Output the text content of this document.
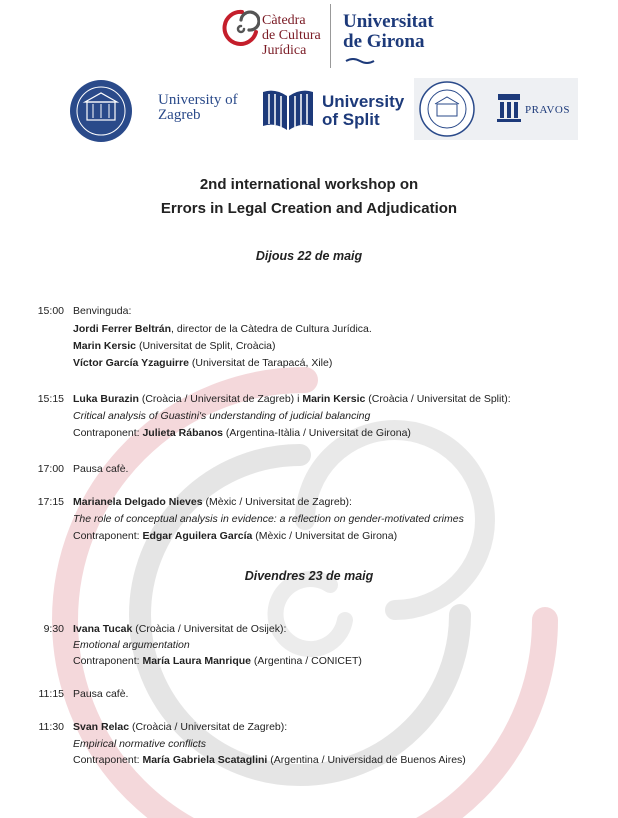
Càtedra
de Cultura
Jurídica
Universitat
de Girona
University of
Zagreb
University
of Split	PRAVOS
2nd international workshop on
Errors in Legal Creation and Adjudication
Dijous 22 de maig
15:00 Benvinguda:
Jordi Ferrer Beltrán, director de la Càtedra de Cultura Jurídica.
Marin Kersic (Universitat de Split, Croàcia)
Víctor García Yzaguirre (Universitat de Tarapacá, Xile)
15:15 Luka Burazin (Croàcia / Universitat de Zagreb) i Marin Kersic (Croàcia / Universitat de Split):
Critical analysis of Guastini's understanding of judicial balancing
Contraponent: Julieta Rábanos (Argentina-Itàlia / Universitat de Girona)
17:00 Pausa cafè.
17:15 Marianela Delgado Nieves (Mèxic / Universitat de Zagreb):
The role of conceptual analysis in evidence: a reflection on gender-motivated crimes
Contraponent: Edgar Aguilera García (Mèxic / Universitat de Girona)
Divendres 23 de maig
9:30 Ivana Tucak (Croàcia / Universitat de Osijek):
Emotional argumentation
Contraponent: María Laura Manrique (Argentina / CONICET)
11:15 Pausa cafè.
11:30 Svan Relac (Croàcia / Universitat de Zagreb):
Empirical normative conflicts
Contraponent: María Gabriela Scataglini (Argentina / Universidad de Buenos Aires)
